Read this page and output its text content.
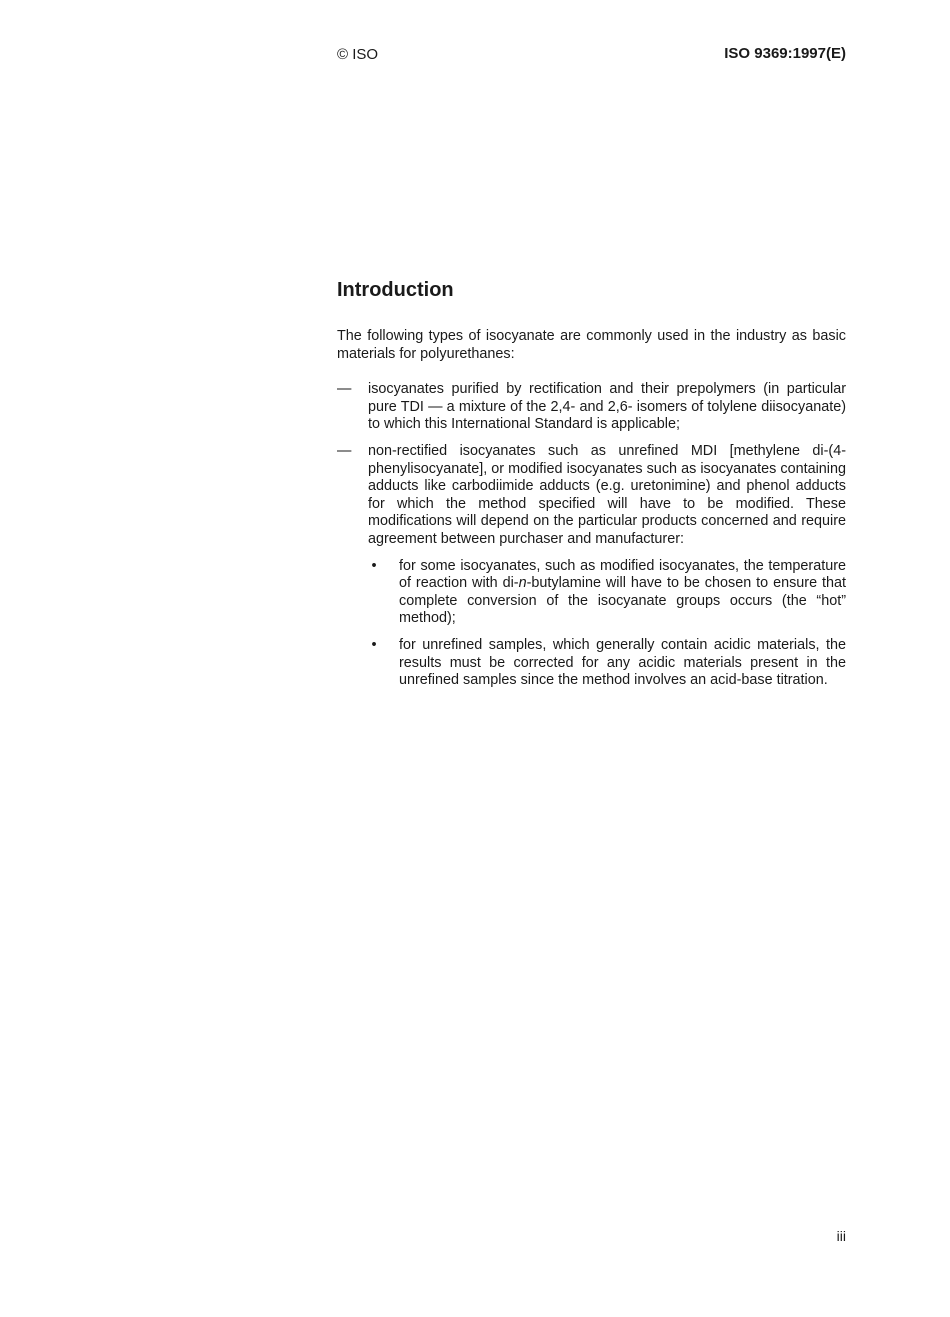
© ISO	ISO 9369:1997(E)
Introduction

The following types of isocyanate are commonly used in the industry as basic materials for polyurethanes:

—	isocyanates purified by rectification and their prepolymers (in particular pure TDI — a mixture of the 2,4- and 2,6- isomers of tolylene diisocyanate) to which this International Standard is applicable;
—	non-rectified isocyanates such as unrefined MDI [methylene di-(4-phenylisocyanate], or modified isocyanates such as isocyanates containing adducts like carbodiimide adducts (e.g. uretonimine) and phenol adducts for which the method specified will have to be modified. These modifications will depend on the particular products concerned and require agreement between purchaser and manufacturer:
• for some isocyanates, such as modified isocyanates, the temperature of reaction with di-n-butylamine will have to be chosen to ensure that complete conversion of the isocyanate groups occurs (the “hot” method);
• for unrefined samples, which generally contain acidic materials, the results must be corrected for any acidic materials present in the unrefined samples since the method involves an acid-base titration.
iii
